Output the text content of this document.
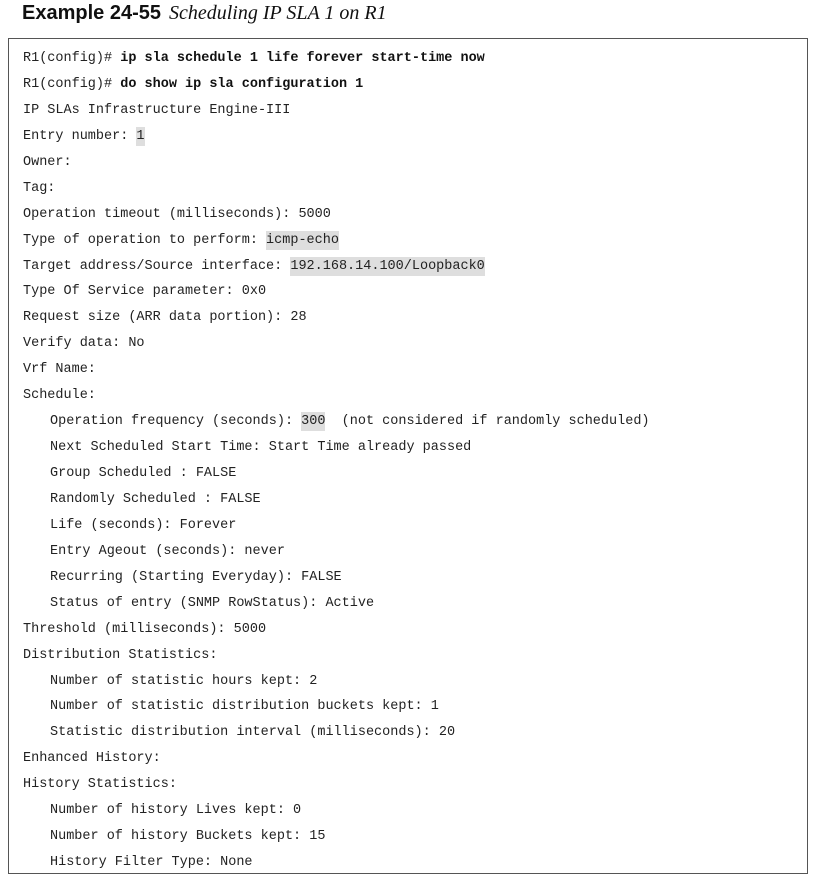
Example 24-55 Scheduling IP SLA 1 on R1
R1(config)# ip sla schedule 1 life forever start-time now
R1(config)# do show ip sla configuration 1
IP SLAs Infrastructure Engine-III
Entry number: 1
Owner:
Tag:
Operation timeout (milliseconds): 5000
Type of operation to perform: icmp-echo
Target address/Source interface: 192.168.14.100/Loopback0
Type Of Service parameter: 0x0
Request size (ARR data portion): 28
Verify data: No
Vrf Name:
Schedule:
Operation frequency (seconds): 300  (not considered if randomly scheduled)
Next Scheduled Start Time: Start Time already passed
Group Scheduled : FALSE
Randomly Scheduled : FALSE
Life (seconds): Forever
Entry Ageout (seconds): never
Recurring (Starting Everyday): FALSE
Status of entry (SNMP RowStatus): Active
Threshold (milliseconds): 5000
Distribution Statistics:
Number of statistic hours kept: 2
Number of statistic distribution buckets kept: 1
Statistic distribution interval (milliseconds): 20
Enhanced History:
History Statistics:
Number of history Lives kept: 0
Number of history Buckets kept: 15
History Filter Type: None
